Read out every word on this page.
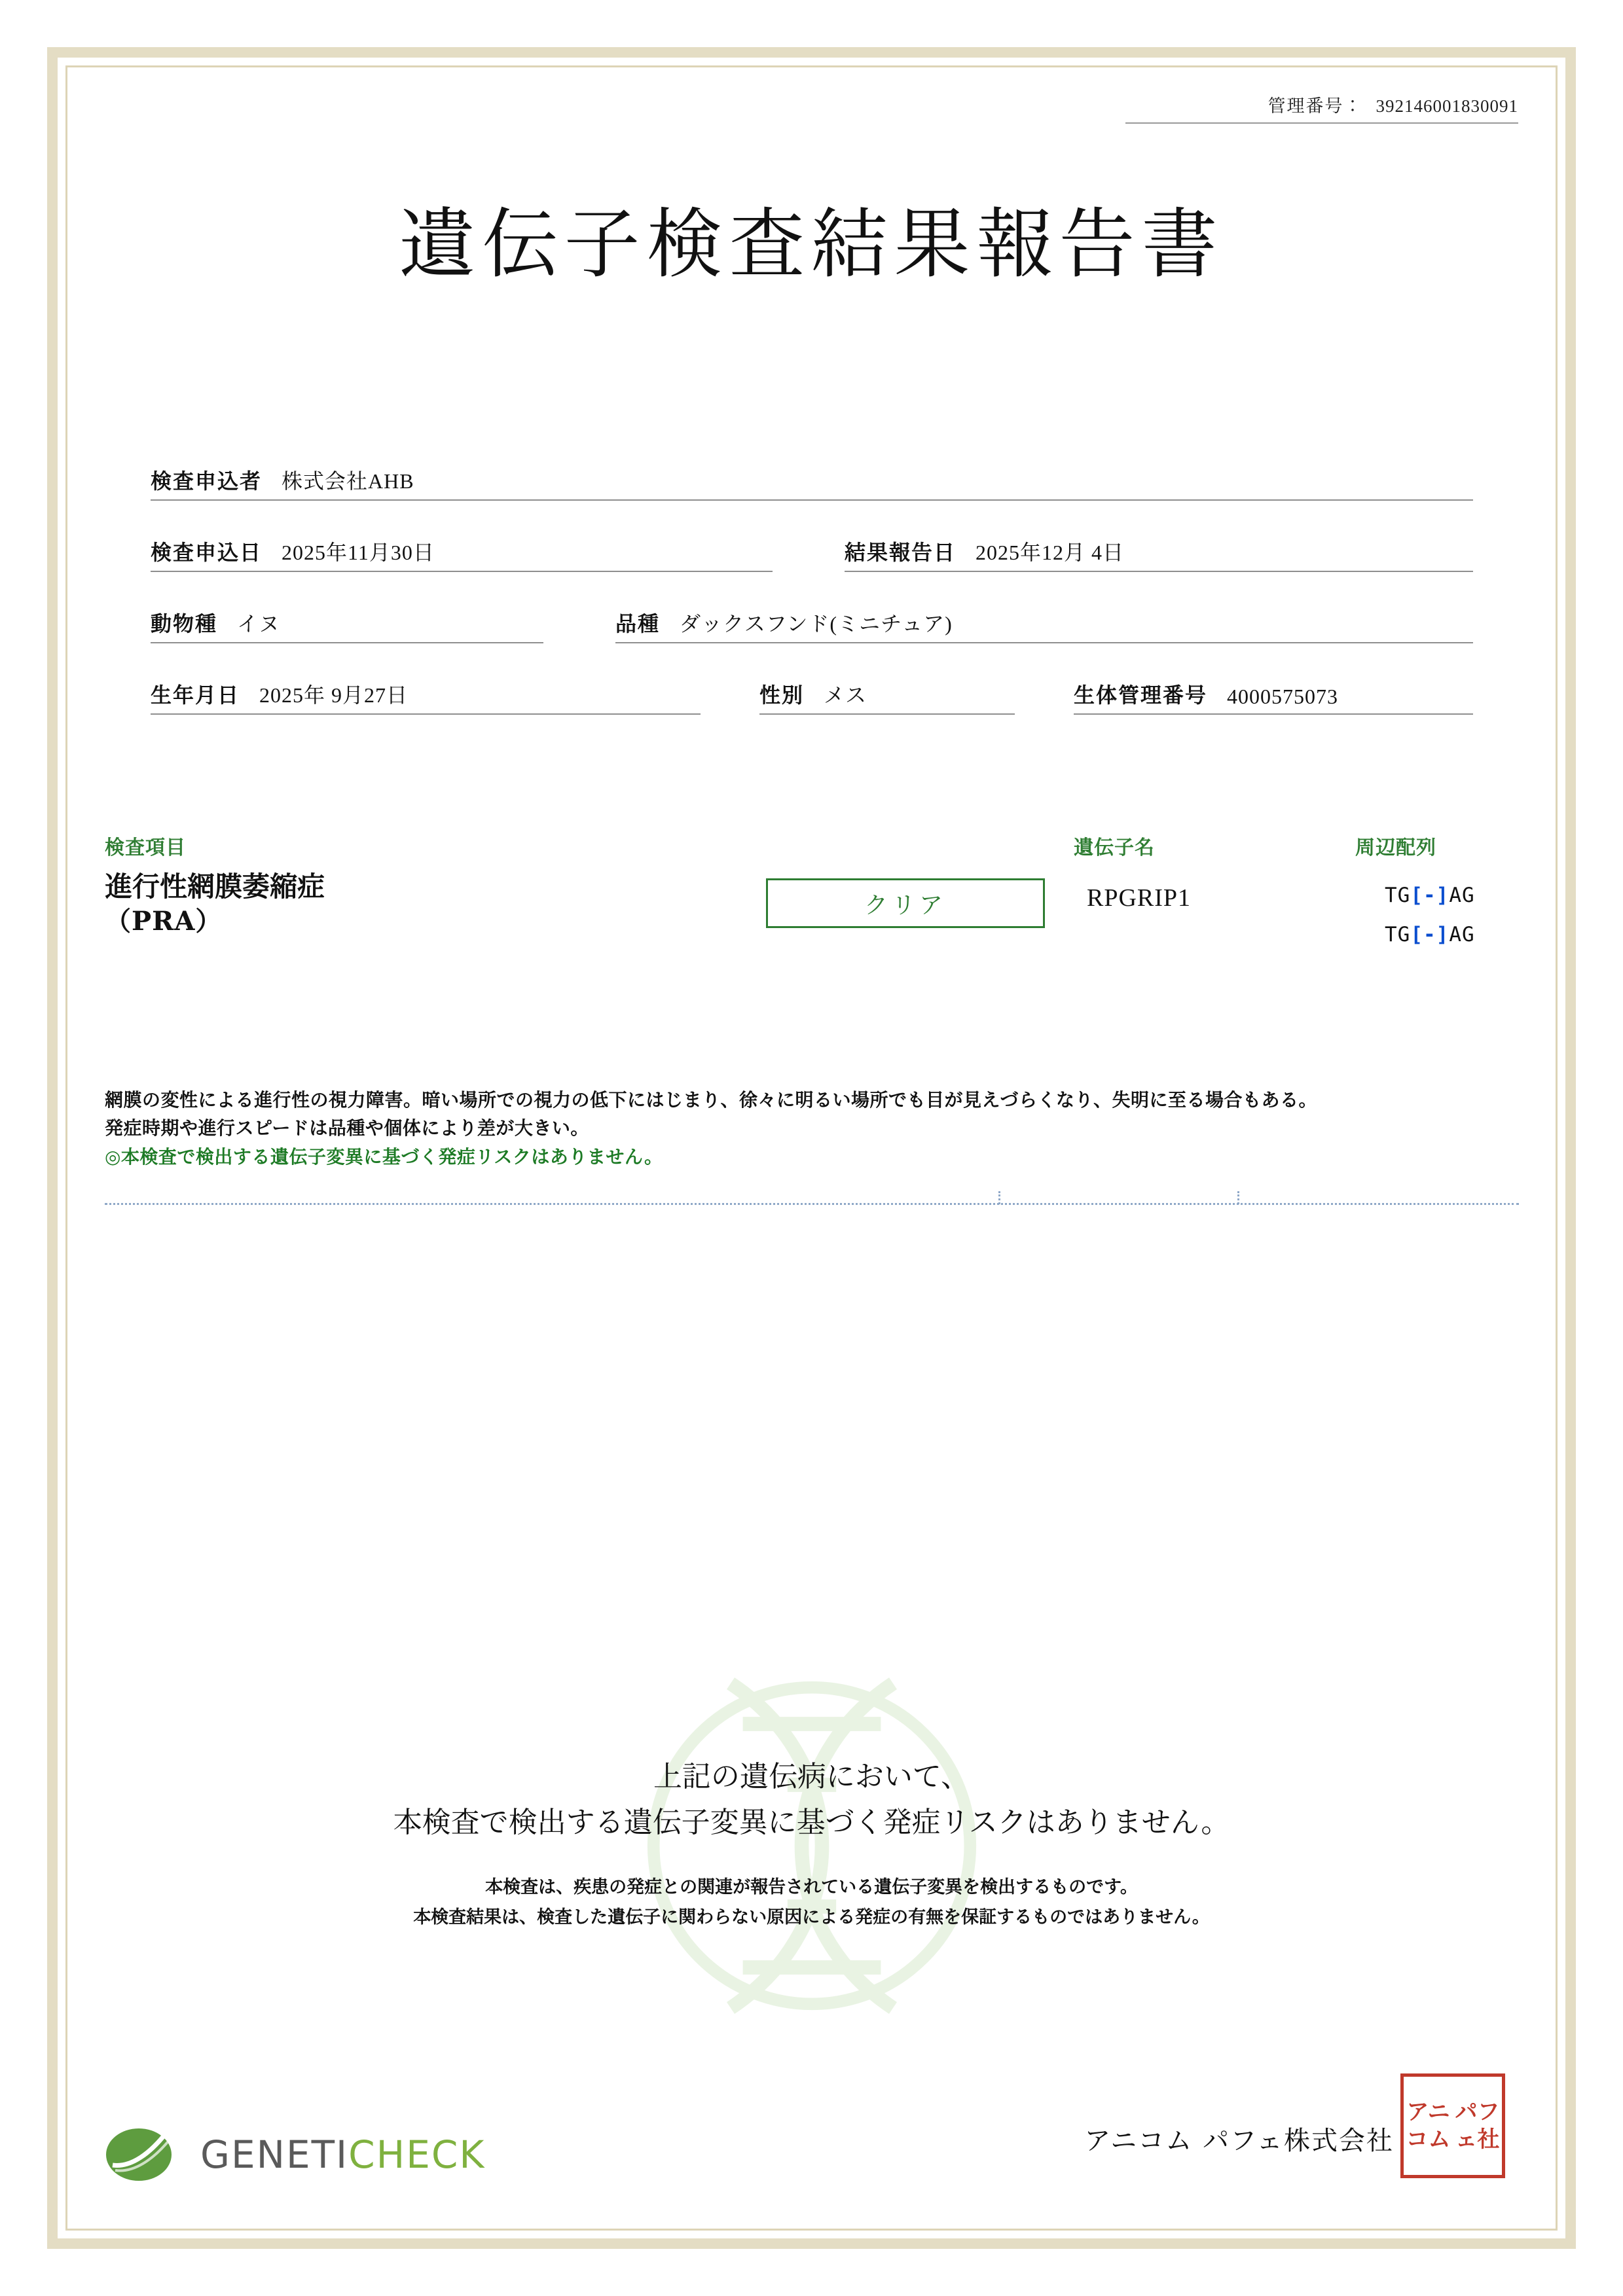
管理番号： 392146001830091
遺伝子検査結果報告書
検査申込者 株式会社AHB
検査申込日 2025年11月30日	結果報告日 2025年12月 4日
動物種 イヌ	品種 ダックスフンド(ミニチュア)
生年月日 2025年 9月27日	性別 メス	生体管理番号 4000575073
検査項目	遺伝子名	周辺配列
進行性網膜萎縮症
（PRA）
クリア	RPGRIP1	TG[-]AG
TG[-]AG
網膜の変性による進行性の視力障害。暗い場所での視力の低下にはじまり、徐々に明るい場所でも目が見えづらくなり、失明に至る場合もある。
発症時期や進行スピードは品種や個体により差が大きい。
◎本検査で検出する遺伝子変異に基づく発症リスクはありません。
上記の遺伝病において、
本検査で検出する遺伝子変異に基づく発症リスクはありません。
本検査は、疾患の発症との関連が報告されている遺伝子変異を検出するものです。
本検査結果は、検査した遺伝子に関わらない原因による発症の有無を保証するものではありません。
GENETICHECK	アニコム パフェ株式会社
アニ パフ
コム ェ社
